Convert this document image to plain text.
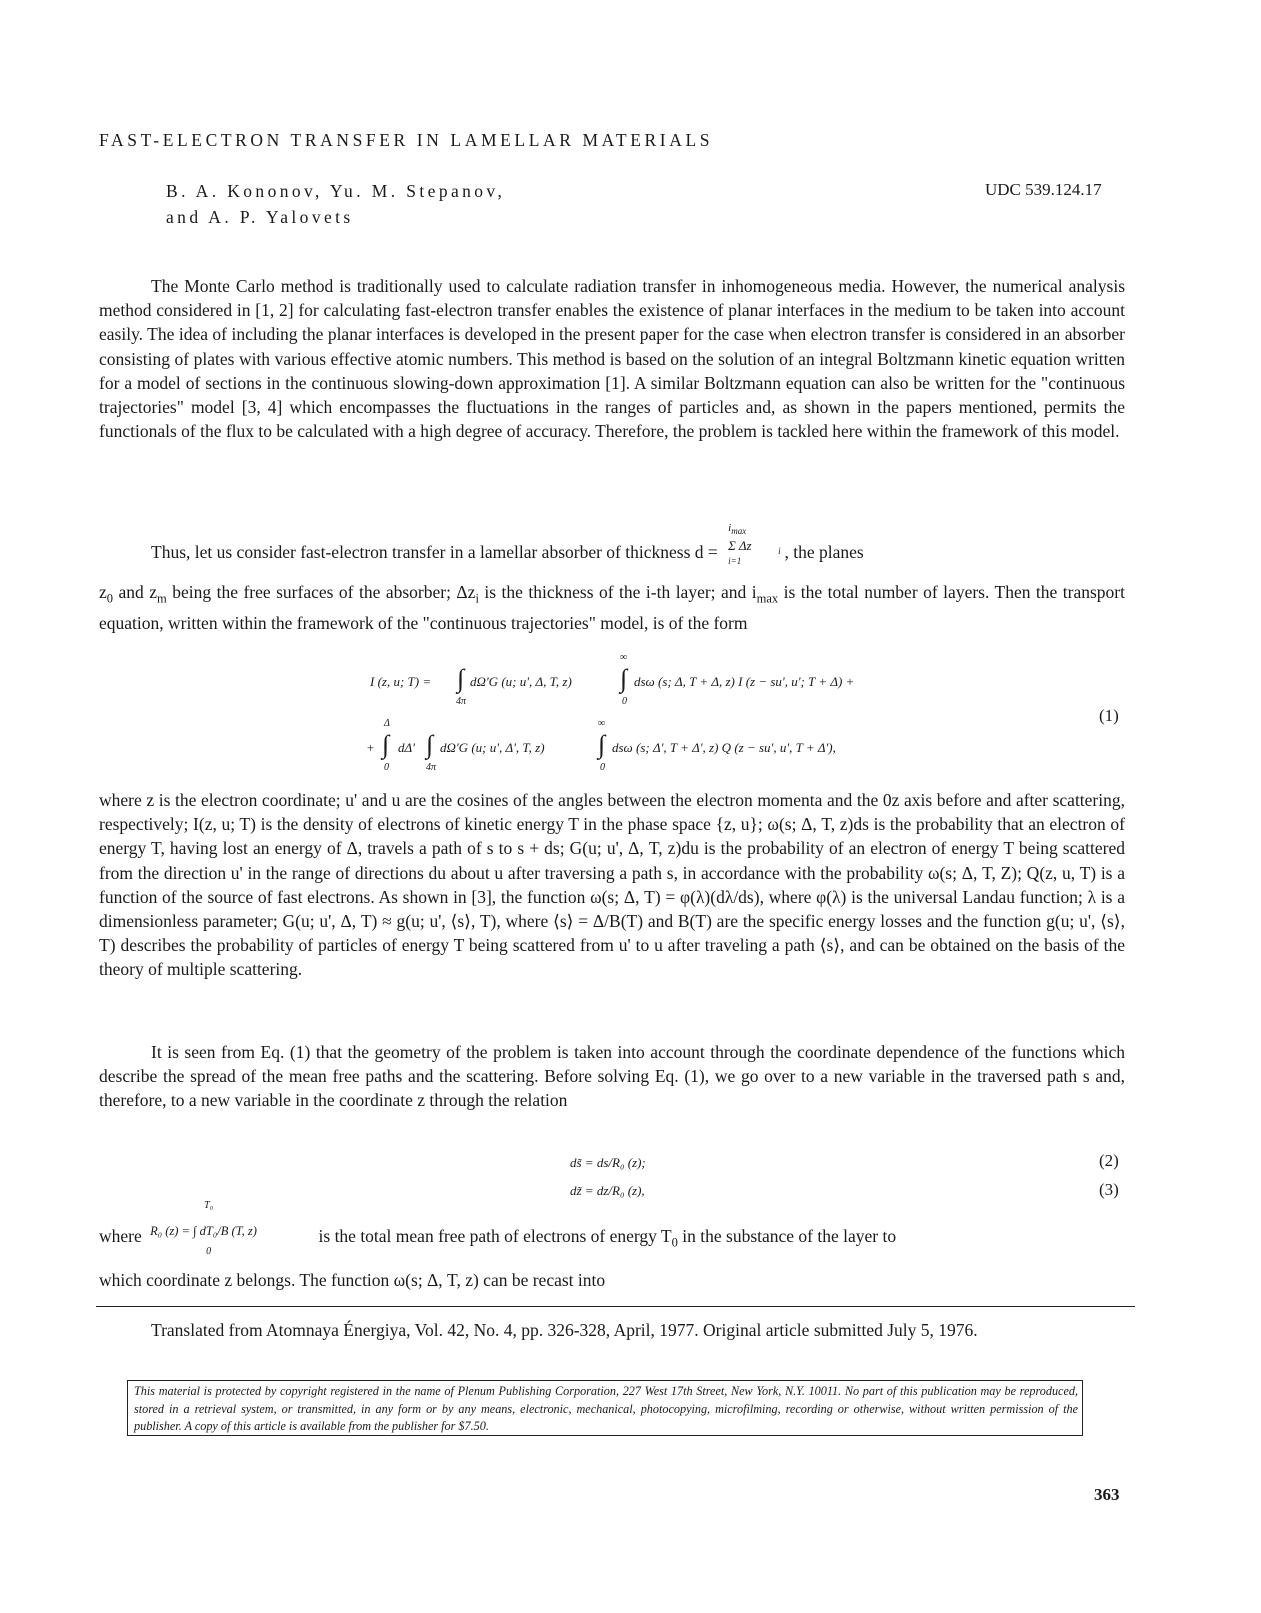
FAST-ELECTRON TRANSFER IN LAMELLAR MATERIALS
B. A. Kononov, Yu. M. Stepanov,
and A. P. Yalovets
UDC 539.124.17

The Monte Carlo method is traditionally used to calculate radiation transfer in inhomogeneous media. However, the numerical analysis method considered in [1, 2] for calculating fast-electron transfer enables the existence of planar interfaces in the medium to be taken into account easily. The idea of including the planar interfaces is developed in the present paper for the case when electron transfer is considered in an absorber consisting of plates with various effective atomic numbers. This method is based on the solution of an integral Boltzmann kinetic equation written for a model of sections in the continuous slowing-down approximation [1]. A similar Boltzmann equation can also be written for the "continuous trajectories" model [3, 4] which encompasses the fluctuations in the ranges of particles and, as shown in the papers mentioned, permits the functionals of the flux to be calculated with a high degree of accuracy. Therefore, the problem is tackled here within the framework of this model.

Thus, let us consider fast-electron transfer in a lamellar absorber of thickness d =
$i_{max}$
Σ Δz	i
i=1 , the planes

$z_0$ and $z_m$ being the free surfaces of the absorber; $\Delta z_i$ is the thickness of the i-th layer; and $i_{max}$ is the total number of layers. Then the transport equation, written within the framework of the "continuous trajectories" model, is of the form

I (z, u; T) = ∫
4π
dΩ'G (u; u', Δ, T, z)
∞
∫
0
dsω (s; Δ, T + Δ, z) I (z − su', u'; T + Δ) +
+
Δ
∫
0
dΔ' ∫
4π
dΩ'G (u; u', Δ', T, z)
∞
∫
0
dsω (s; Δ', T + Δ', z) Q (z − su', u', T + Δ'),
(1)

where z is the electron coordinate; u' and u are the cosines of the angles between the electron momenta and the 0z axis before and after scattering, respectively; I(z, u; T) is the density of electrons of kinetic energy T in the phase space {z, u}; ω(s; Δ, T, z)ds is the probability that an electron of energy T, having lost an energy of Δ, travels a path of s to s + ds; G(u; u', Δ, T, z)du is the probability of an electron of energy T being scattered from the direction u' in the range of directions du about u after traversing a path s, in accordance with the probability ω(s; Δ, T, Z); Q(z, u, T) is a function of the source of fast electrons. As shown in [3], the function ω(s; Δ, T) = φ(λ)(dλ/ds), where φ(λ) is the universal Landau function; λ is a dimensionless parameter; G(u; u', Δ, T) ≈ g(u; u', ⟨s⟩, T), where ⟨s⟩ = Δ/B(T) and B(T) are the specific energy losses and the function g(u; u', ⟨s⟩, T) describes the probability of particles of energy T being scattered from u' to u after traveling a path ⟨s⟩, and can be obtained on the basis of the theory of multiple scattering.

It is seen from Eq. (1) that the geometry of the problem is taken into account through the coordinate dependence of the functions which describe the spread of the mean free paths and the scattering. Before solving Eq. (1), we go over to a new variable in the traversed path s and, therefore, to a new variable in the coordinate z through the relation

ds̃ = ds/R₀ (z);	(2)
dz̃ = dz/R₀ (z),	(3)
where
T₀
R₀ (z) = ∫ dT₀/B (T, z)
0
is the total mean free path of electrons of energy $T_0$ in the substance of the layer to

which coordinate z belongs. The function ω(s; Δ, T, z) can be recast into

Translated from Atomnaya Énergiya, Vol. 42, No. 4, pp. 326-328, April, 1977. Original article submitted July 5, 1976.

This material is protected by copyright registered in the name of Plenum Publishing Corporation, 227 West 17th Street, New York, N.Y. 10011. No part of this publication may be reproduced, stored in a retrieval system, or transmitted, in any form or by any means, electronic, mechanical, photocopying, microfilming, recording or otherwise, without written permission of the publisher. A copy of this article is available from the publisher for $7.50.

363
